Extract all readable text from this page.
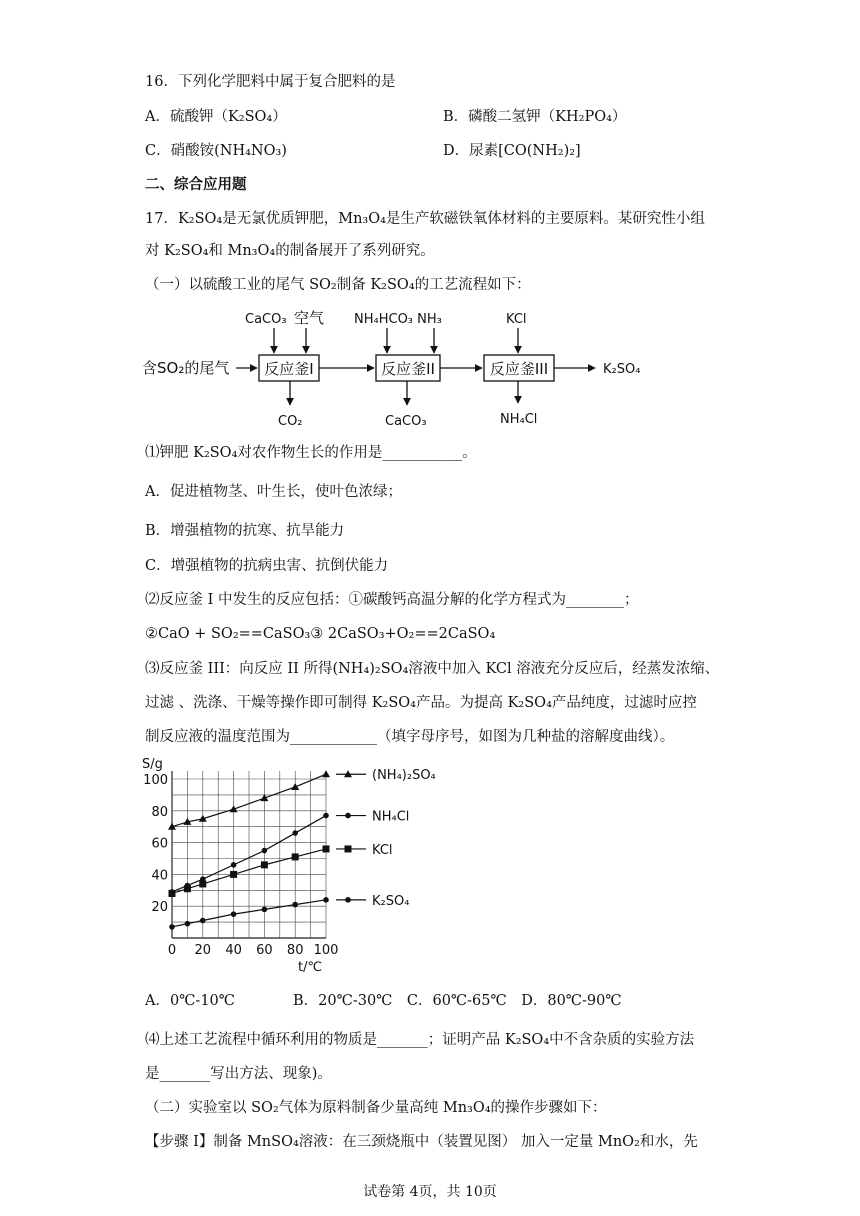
16．下列化学肥料中属于复合肥料的是
A．硫酸钾（K₂SO₄）	B．磷酸二氢钾（KH₂PO₄）
C．硝酸铵(NH₄NO₃)	D．尿素[CO(NH₂)₂]
二、综合应用题
17．K₂SO₄是无氯优质钾肥，Mn₃O₄是生产软磁铁氧体材料的主要原料。某研究性小组
对 K₂SO₄和 Mn₃O₄的制备展开了系列研究。
（一）以硫酸工业的尾气 SO₂制备 K₂SO₄的工艺流程如下：
含SO₂的尾气 反应釜I	反应釜II	反应釜III	K₂SO₄
CaCO₃ 空气 NH₄HCO₃ NH₃	KCl
CO₂	CaCO₃	NH₄Cl
⑴钾肥 K₂SO₄对农作物生长的作用是___________。
A．促进植物茎、叶生长，使叶色浓绿；
B．增强植物的抗寒、抗旱能力
C．增强植物的抗病虫害、抗倒伏能力
⑵反应釜 I 中发生的反应包括：①碳酸钙高温分解的化学方程式为________；
②CaO + SO₂==CaSO₃③ 2CaSO₃+O₂==2CaSO₄
⑶反应釜 III：向反应 II 所得(NH₄)₂SO₄溶液中加入 KCl 溶液充分反应后，经蒸发浓缩、
过滤 、洗涤、干燥等操作即可制得 K₂SO₄产品。为提高 K₂SO₄产品纯度，过滤时应控
制反应液的温度范围为____________（填字母序号，如图为几种盐的溶解度曲线）。
S/g
t/℃
0 20 40 60 80 100
20
40
60
80
100	(NH₄)₂SO₄
NH₄Cl
KCl
K₂SO₄
A．0℃-10℃　　　　B．20℃-30℃　C．60℃-65℃　D．80℃-90℃
⑷上述工艺流程中循环利用的物质是_______；证明产品 K₂SO₄中不含杂质的实验方法
是_______写出方法、现象)。
（二）实验室以 SO₂气体为原料制备少量高纯 Mn₃O₄的操作步骤如下：
【步骤 I】制备 MnSO₄溶液：在三颈烧瓶中（装置见图） 加入一定量 MnO₂和水，先
试卷第 4页，共 10页
